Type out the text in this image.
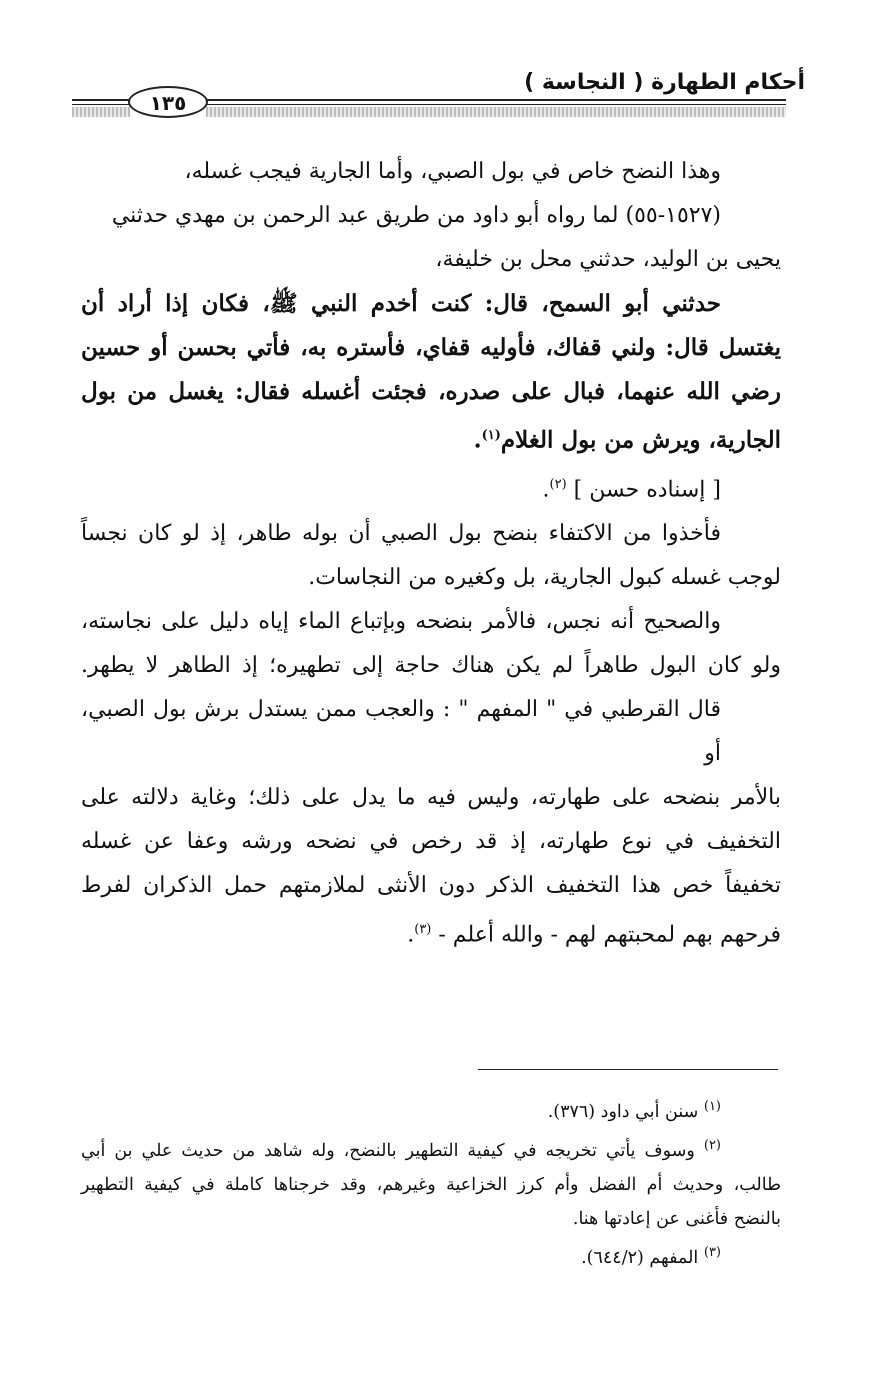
أحكام الطهارة ( النجاسة )
١٣٥
وهذا النضح خاص في بول الصبي، وأما الجارية فيجب غسله،
(١٥٢٧-٥٥) لما رواه أبو داود من طريق عبد الرحمن بن مهدي حدثني
يحيى بن الوليد، حدثني محل بن خليفة،
حدثني أبو السمح، قال: كنت أخدم النبي ﷺ، فكان إذا أراد أن
يغتسل قال: ولني قفاك، فأوليه قفاي، فأستره به، فأتي بحسن أو حسين
رضي الله عنهما، فبال على صدره، فجئت أغسله فقال: يغسل من بول
الجارية، ويرش من بول الغلام$^{(١)}$.
[ إسناده حسن ] $^{(٢)}$.
فأخذوا من الاكتفاء بنضح بول الصبي أن بوله طاهر، إذ لو كان نجساً
لوجب غسله كبول الجارية، بل وكغيره من النجاسات.
والصحيح أنه نجس، فالأمر بنضحه وبإتباع الماء إياه دليل على نجاسته،
ولو كان البول طاهراً لم يكن هناك حاجة إلى تطهيره؛ إذ الطاهر لا يطهر.
قال القرطبي في " المفهم " : والعجب ممن يستدل برش بول الصبي، أو
بالأمر بنضحه على طهارته، وليس فيه ما يدل على ذلك؛ وغاية دلالته على
التخفيف في نوع طهارته، إذ قد رخص في نضحه ورشه وعفا عن غسله
تخفيفاً خص هذا التخفيف الذكر دون الأنثى لملازمتهم حمل الذكران لفرط
فرحهم بهم لمحبتهم لهم - والله أعلم - $^{(٣)}$.
$^{(١)}$ سنن أبي داود (٣٧٦).
$^{(٢)}$ وسوف يأتي تخريجه في كيفية التطهير بالنضح، وله شاهد من حديث علي بن أبي
طالب، وحديث أم الفضل وأم كرز الخزاعية وغيرهم، وقد خرجناها كاملة في كيفية التطهير
بالنضح فأغنى عن إعادتها هنا.
$^{(٣)}$ المفهم (٦٤٤/٢).
